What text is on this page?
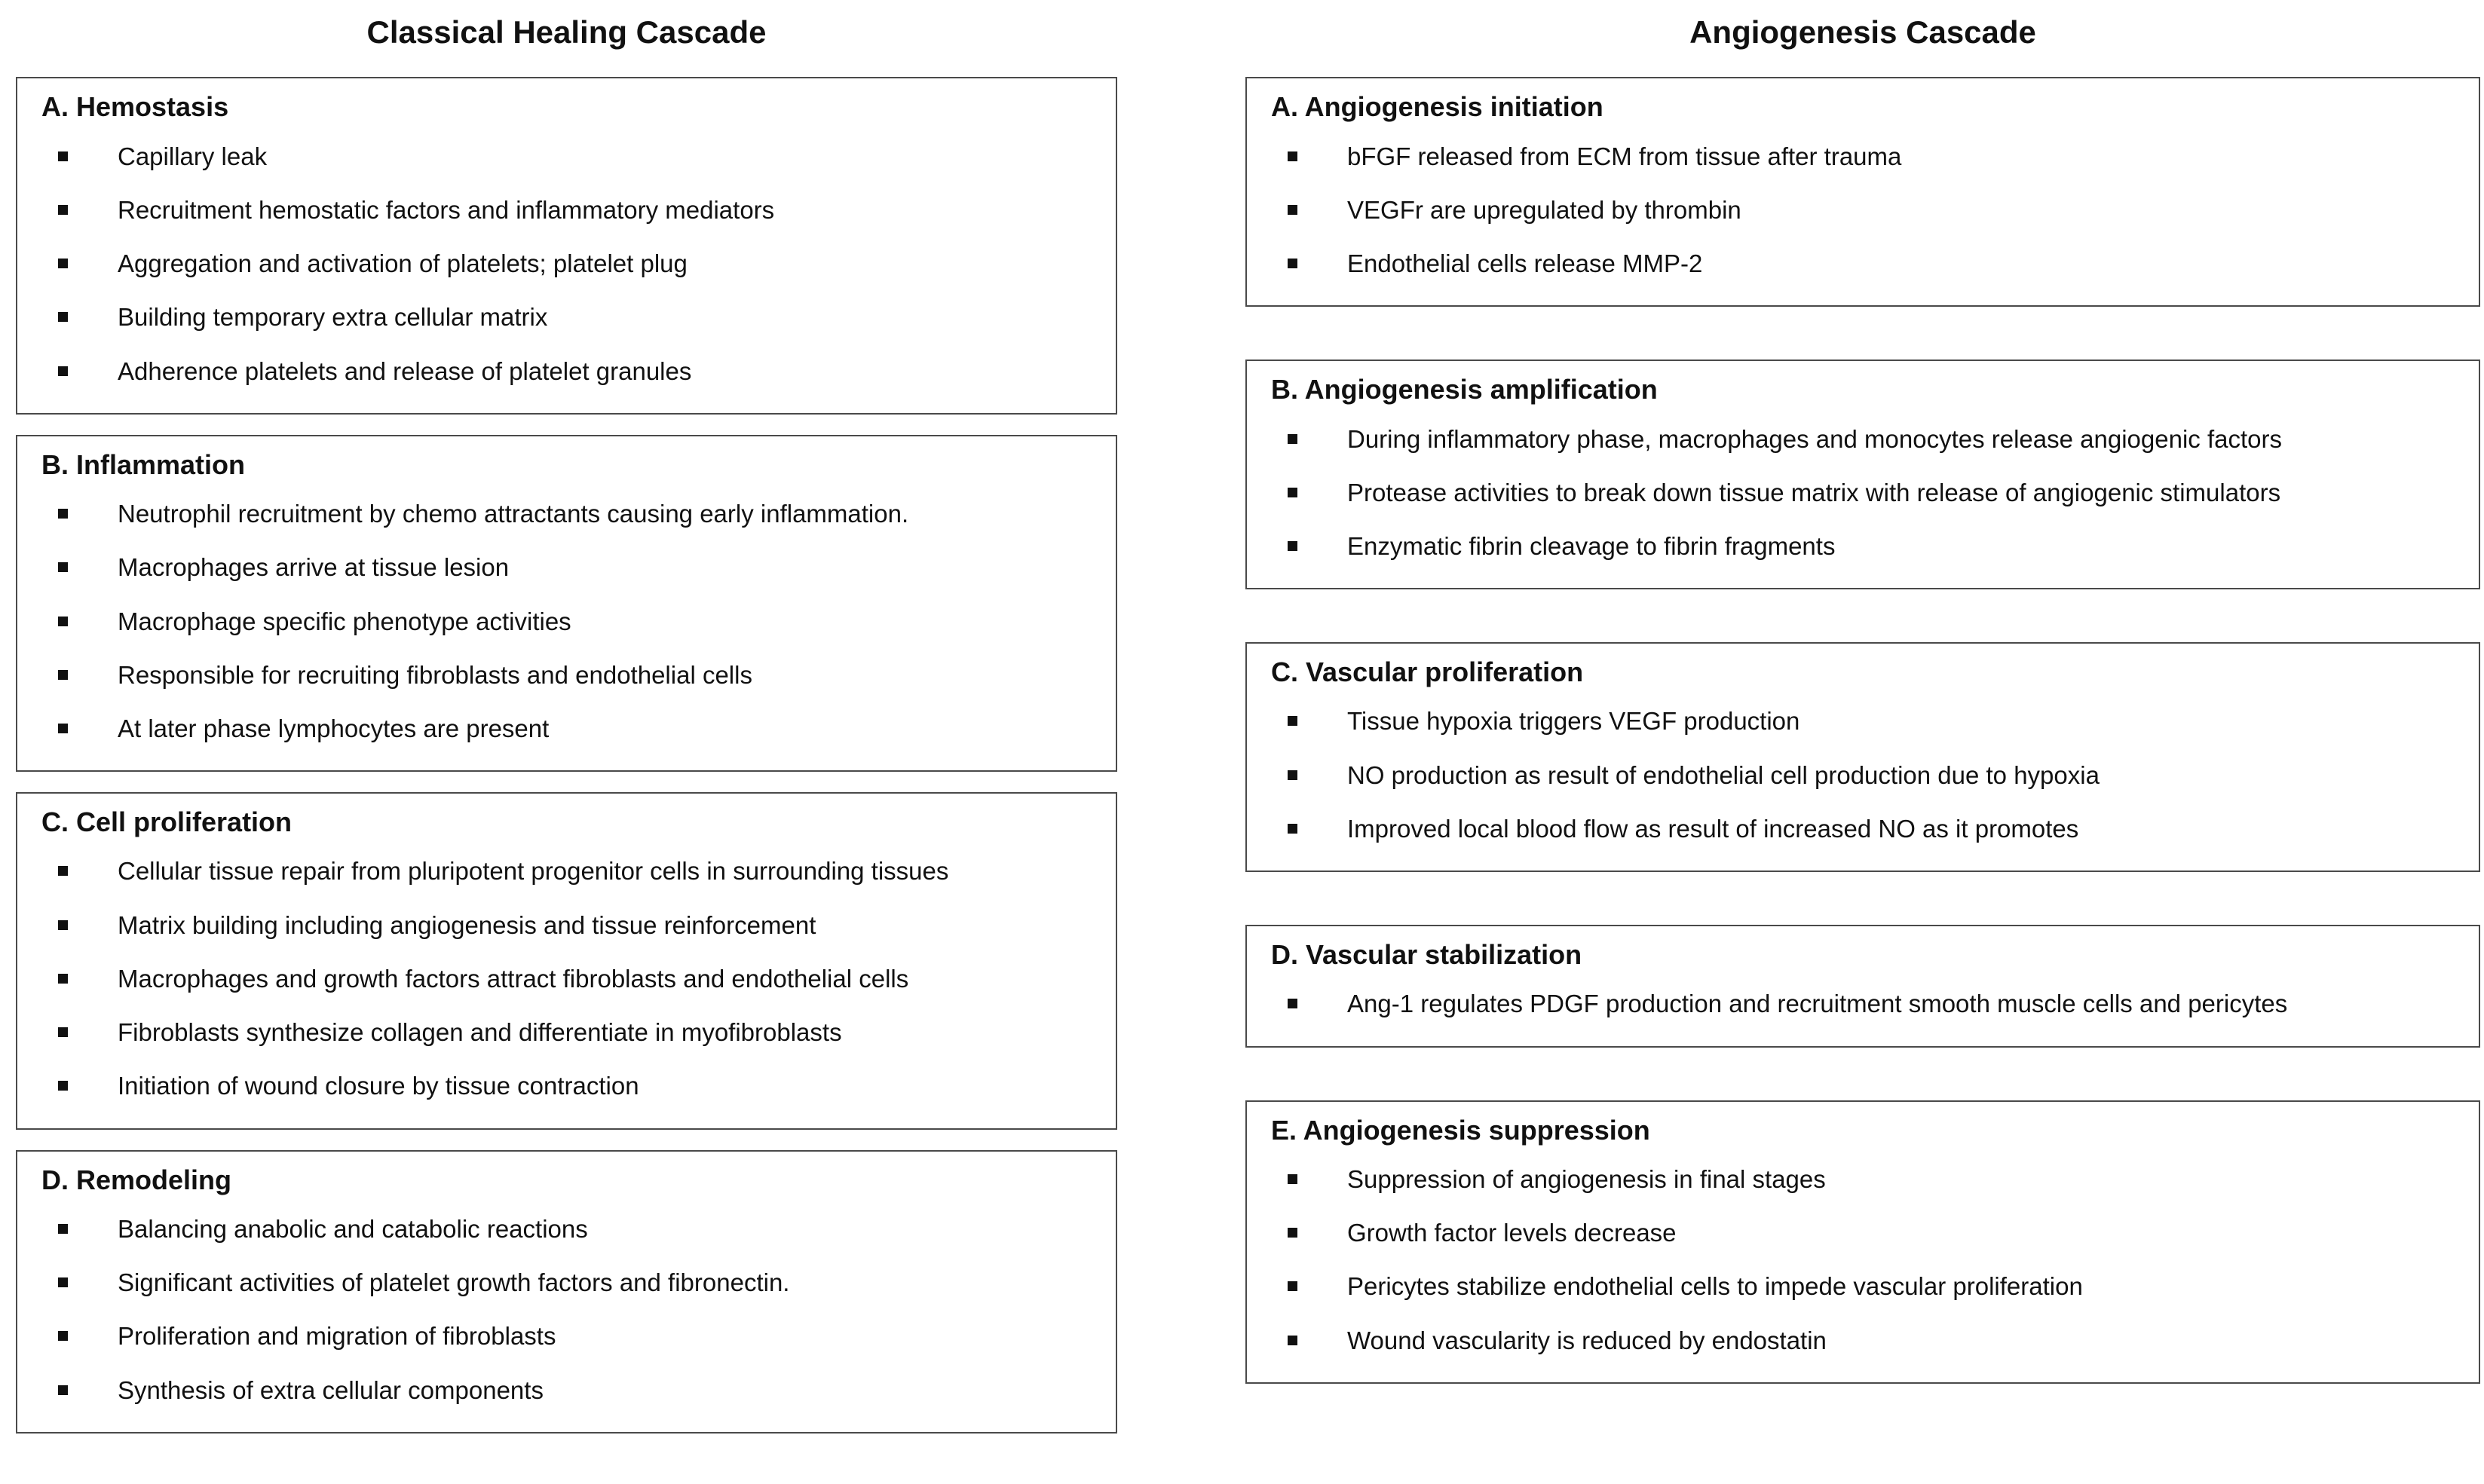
Classical Healing Cascade
A. Hemostasis
Capillary leak
Recruitment hemostatic factors and inflammatory mediators
Aggregation and activation of platelets; platelet plug
Building temporary extra cellular matrix
Adherence platelets and release of platelet granules
B. Inflammation
Neutrophil recruitment by chemo attractants causing early inflammation.
Macrophages arrive at tissue lesion
Macrophage specific phenotype activities
Responsible for recruiting fibroblasts and endothelial cells
At later phase lymphocytes are present
C. Cell proliferation
Cellular tissue repair from pluripotent progenitor cells in surrounding tissues
Matrix building including angiogenesis and tissue reinforcement
Macrophages and growth factors attract fibroblasts and endothelial cells
Fibroblasts synthesize collagen and differentiate in myofibroblasts
Initiation of wound closure by tissue contraction
D. Remodeling
Balancing anabolic and catabolic reactions
Significant activities of platelet growth factors and fibronectin.
Proliferation and migration of fibroblasts
Synthesis of extra cellular components
Angiogenesis Cascade
A. Angiogenesis initiation
bFGF released from ECM from tissue after trauma
VEGFr are upregulated by thrombin
Endothelial cells release MMP-2
B. Angiogenesis amplification
During inflammatory phase, macrophages and monocytes release angiogenic factors
Protease activities to break down tissue matrix with release of angiogenic stimulators
Enzymatic fibrin cleavage to fibrin fragments
C. Vascular proliferation
Tissue hypoxia triggers VEGF production
NO production as result of endothelial cell production due to hypoxia
Improved local blood flow as result of increased NO as it promotes
D. Vascular stabilization
Ang-1 regulates PDGF production and recruitment smooth muscle cells and pericytes
E. Angiogenesis suppression
Suppression of angiogenesis in final stages
Growth factor levels decrease
Pericytes stabilize endothelial cells to impede vascular proliferation
Wound vascularity is reduced by endostatin
